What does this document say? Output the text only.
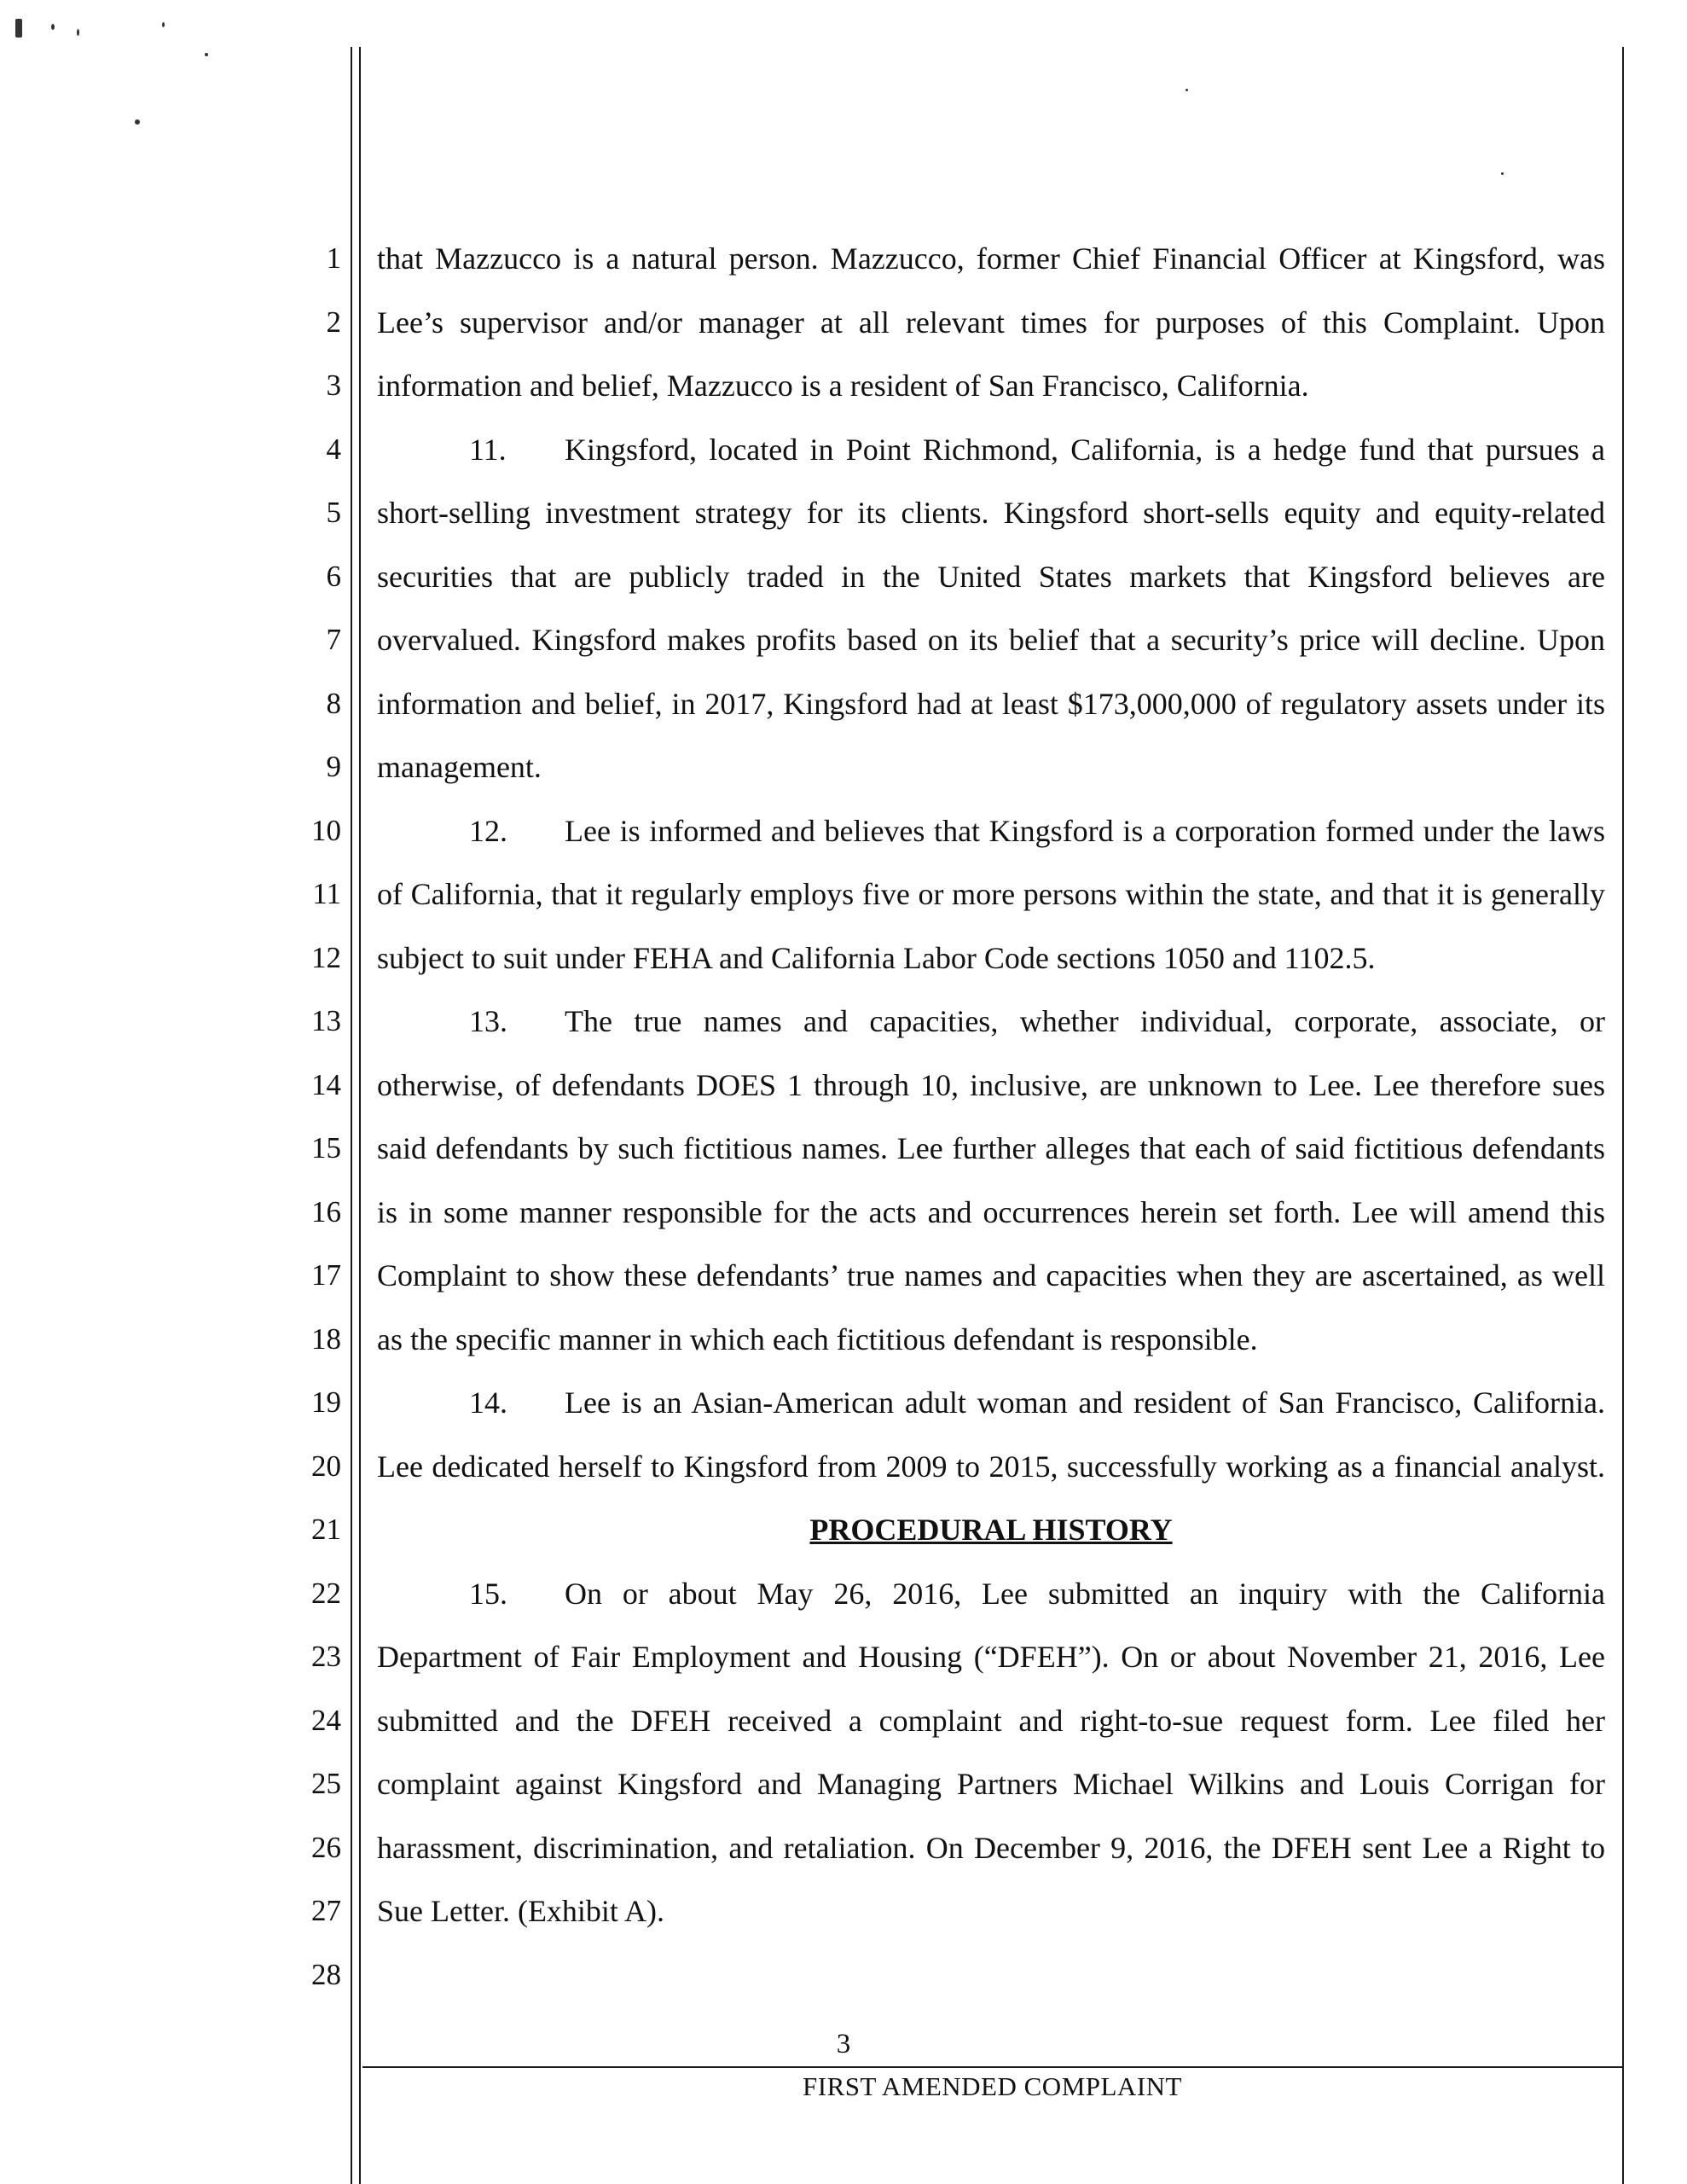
1
2
3
4
5
6
7
8
9
10
11
12
13
14
15
16
17
18
19
20
21
22
23
24
25
26
27
28
that Mazzucco is a natural person. Mazzucco, former Chief Financial Officer at Kingsford, was
Lee’s supervisor and/or manager at all relevant times for purposes of this Complaint. Upon
information and belief, Mazzucco is a resident of San Francisco, California.
11. Kingsford, located in Point Richmond, California, is a hedge fund that pursues a
short-selling investment strategy for its clients. Kingsford short-sells equity and equity-related
securities that are publicly traded in the United States markets that Kingsford believes are
overvalued. Kingsford makes profits based on its belief that a security’s price will decline. Upon
information and belief, in 2017, Kingsford had at least $173,000,000 of regulatory assets under its
management.
12. Lee is informed and believes that Kingsford is a corporation formed under the laws
of California, that it regularly employs five or more persons within the state, and that it is generally
subject to suit under FEHA and California Labor Code sections 1050 and 1102.5.
13. The true names and capacities, whether individual, corporate, associate, or
otherwise, of defendants DOES 1 through 10, inclusive, are unknown to Lee. Lee therefore sues
said defendants by such fictitious names. Lee further alleges that each of said fictitious defendants
is in some manner responsible for the acts and occurrences herein set forth. Lee will amend this
Complaint to show these defendants’ true names and capacities when they are ascertained, as well
as the specific manner in which each fictitious defendant is responsible.
14. Lee is an Asian-American adult woman and resident of San Francisco, California.
Lee dedicated herself to Kingsford from 2009 to 2015, successfully working as a financial analyst.
PROCEDURAL HISTORY
15. On or about May 26, 2016, Lee submitted an inquiry with the California
Department of Fair Employment and Housing (“DFEH”). On or about November 21, 2016, Lee
submitted and the DFEH received a complaint and right-to-sue request form. Lee filed her
complaint against Kingsford and Managing Partners Michael Wilkins and Louis Corrigan for
harassment, discrimination, and retaliation. On December 9, 2016, the DFEH sent Lee a Right to
Sue Letter. (Exhibit A).
3
FIRST AMENDED COMPLAINT
